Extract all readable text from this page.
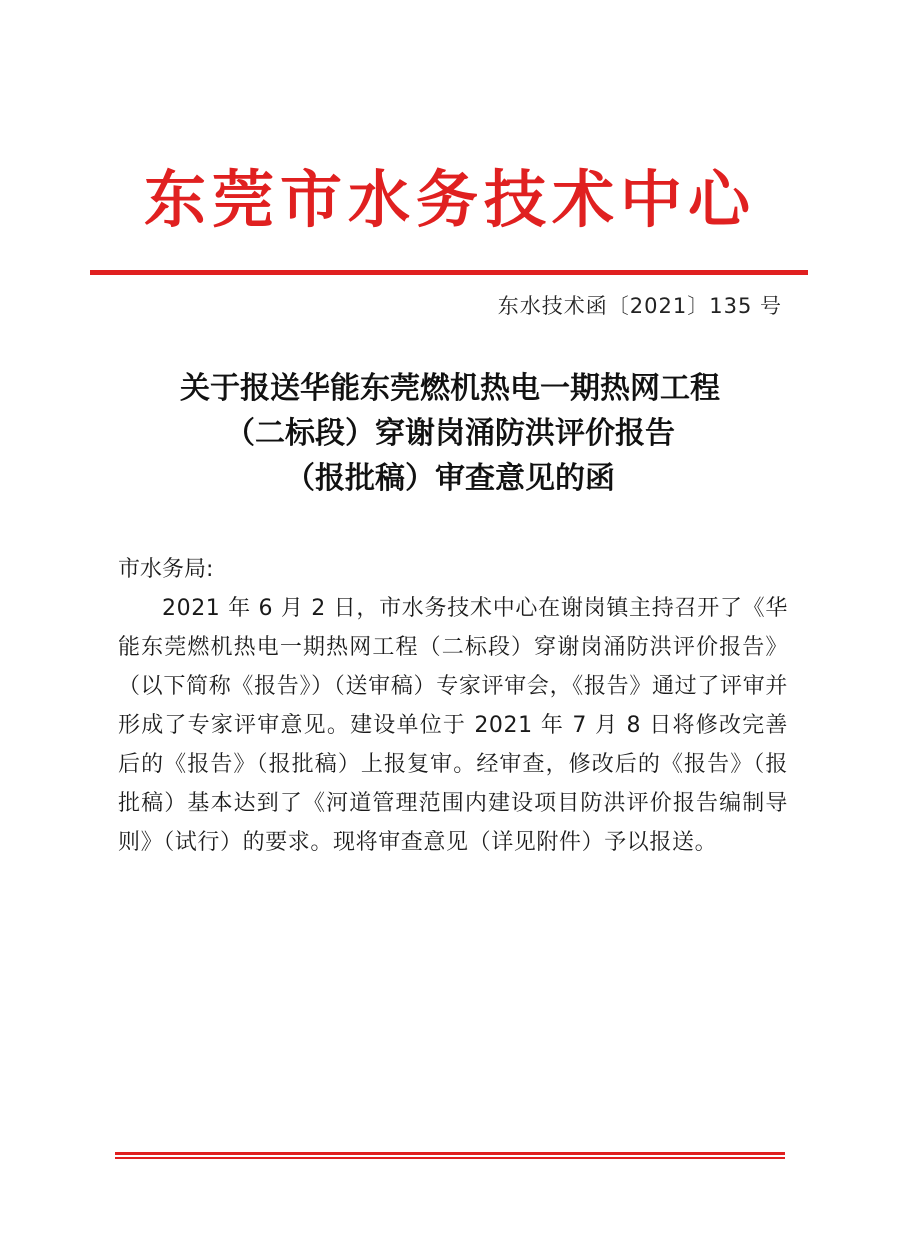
东莞市水务技术中心
东水技术函〔2021〕135 号
关于报送华能东莞燃机热电一期热网工程
（二标段）穿谢岗涌防洪评价报告
（报批稿）审查意见的函

市水务局:

2021 年 6 月 2 日，市水务技术中心在谢岗镇主持召开了《华能东莞燃机热电一期热网工程（二标段）穿谢岗涌防洪评价报告》（以下简称《报告》）（送审稿）专家评审会，《报告》通过了评审并形成了专家评审意见。建设单位于 2021 年 7 月 8 日将修改完善后的《报告》（报批稿）上报复审。经审查，修改后的《报告》（报批稿）基本达到了《河道管理范围内建设项目防洪评价报告编制导则》（试行）的要求。现将审查意见（详见附件）予以报送。
